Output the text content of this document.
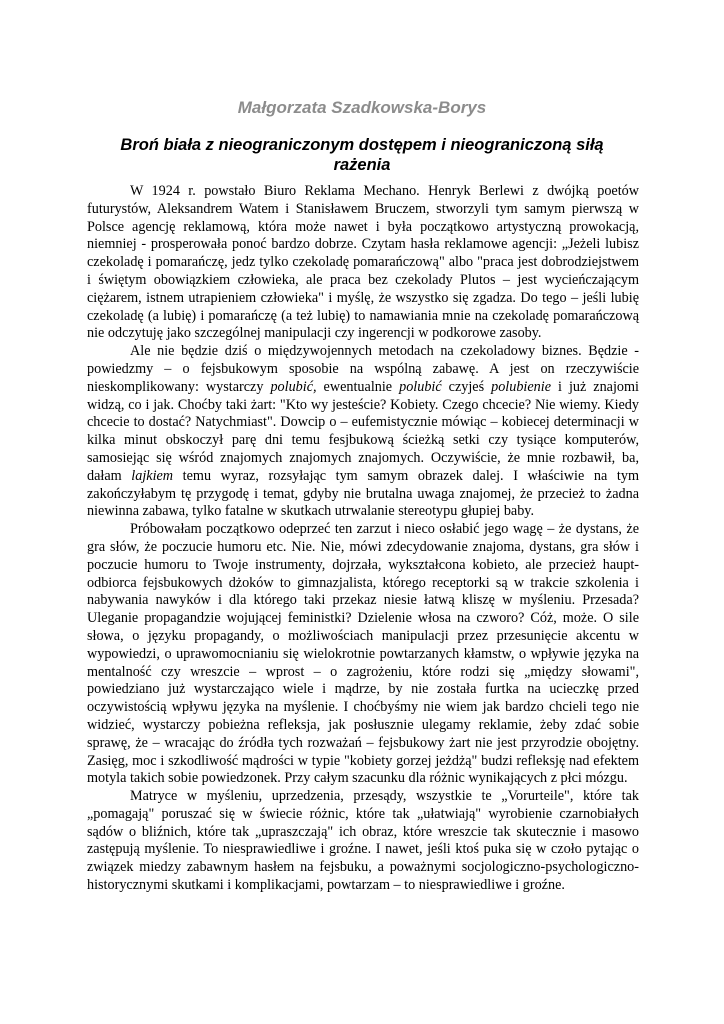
Małgorzata Szadkowska-Borys

Broń biała z nieograniczonym dostępem i nieograniczoną siłą rażenia

W 1924 r. powstało Biuro Reklama Mechano. Henryk Berlewi z dwójką poetów futurystów, Aleksandrem Watem i Stanisławem Bruczem, stworzyli tym samym pierwszą w Polsce agencję reklamową, która może nawet i była początkowo artystyczną prowokacją, niemniej - prosperowała ponoć bardzo dobrze. Czytam hasła reklamowe agencji: „Jeżeli lubisz czekoladę i pomarańczę, jedz tylko czekoladę pomarańczową" albo "praca jest dobrodziejstwem i świętym obowiązkiem człowieka, ale praca bez czekolady Plutos – jest wycieńczającym ciężarem, istnem utrapieniem człowieka" i myślę, że wszystko się zgadza. Do tego – jeśli lubię czekoladę (a lubię) i pomarańczę (a też lubię) to namawiania mnie na czekoladę pomarańczową nie odczytuję jako szczególnej manipulacji czy ingerencji w podkorowe zasoby.

Ale nie będzie dziś o międzywojennych metodach na czekoladowy biznes. Będzie - powiedzmy – o fejsbukowym sposobie na wspólną zabawę. A jest on rzeczywiście nieskomplikowany: wystarczy polubić, ewentualnie polubić czyjeś polubienie i już znajomi widzą, co i jak. Choćby taki żart: "Kto wy jesteście? Kobiety. Czego chcecie? Nie wiemy. Kiedy chcecie to dostać? Natychmiast". Dowcip o – eufemistycznie mówiąc – kobiecej determinacji w kilka minut obskoczył parę dni temu fesjbukową ścieżką setki czy tysiące komputerów, samosiejąc się wśród znajomych znajomych znajomych. Oczywiście, że mnie rozbawił, ba, dałam lajkiem temu wyraz, rozsyłając tym samym obrazek dalej. I właściwie na tym zakończyłabym tę przygodę i temat, gdyby nie brutalna uwaga znajomej, że przecież to żadna niewinna zabawa, tylko fatalne w skutkach utrwalanie stereotypu głupiej baby.

Próbowałam początkowo odeprzeć ten zarzut i nieco osłabić jego wagę – że dystans, że gra słów, że poczucie humoru etc. Nie. Nie, mówi zdecydowanie znajoma, dystans, gra słów i poczucie humoru to Twoje instrumenty, dojrzała, wykształcona kobieto, ale przecież haupt-odbiorca fejsbukowych dżoków to gimnazjalista, którego receptorki są w trakcie szkolenia i nabywania nawyków i dla którego taki przekaz niesie łatwą kliszę w myśleniu. Przesada? Uleganie propagandzie wojującej feministki? Dzielenie włosa na czworo? Cóż, może. O sile słowa, o języku propagandy, o możliwościach manipulacji przez przesunięcie akcentu w wypowiedzi, o uprawomocnianiu się wielokrotnie powtarzanych kłamstw, o wpływie języka na mentalność czy wreszcie – wprost – o zagrożeniu, które rodzi się „między słowami", powiedziano już wystarczająco wiele i mądrze, by nie została furtka na ucieczkę przed oczywistością wpływu języka na myślenie. I choćbyśmy nie wiem jak bardzo chcieli tego nie widzieć, wystarczy pobieżna refleksja, jak posłusznie ulegamy reklamie, żeby zdać sobie sprawę, że – wracając do źródła tych rozważań – fejsbukowy żart nie jest przyrodzie obojętny. Zasięg, moc i szkodliwość mądrości w typie "kobiety gorzej jeżdżą" budzi refleksję nad efektem motyla takich sobie powiedzonek. Przy całym szacunku dla różnic wynikających z płci mózgu.

Matryce w myśleniu, uprzedzenia, przesądy, wszystkie te „Vorurteile", które tak „pomagają" poruszać się w świecie różnic, które tak „ułatwiają" wyrobienie czarnobiałych sądów o bliźnich, które tak „upraszczają" ich obraz, które wreszcie tak skutecznie i masowo zastępują myślenie. To niesprawiedliwe i groźne. I nawet, jeśli ktoś puka się w czoło pytając o związek miedzy zabawnym hasłem na fejsbuku, a poważnymi socjologiczno-psychologiczno-historycznymi skutkami i komplikacjami, powtarzam – to niesprawiedliwe i groźne.
